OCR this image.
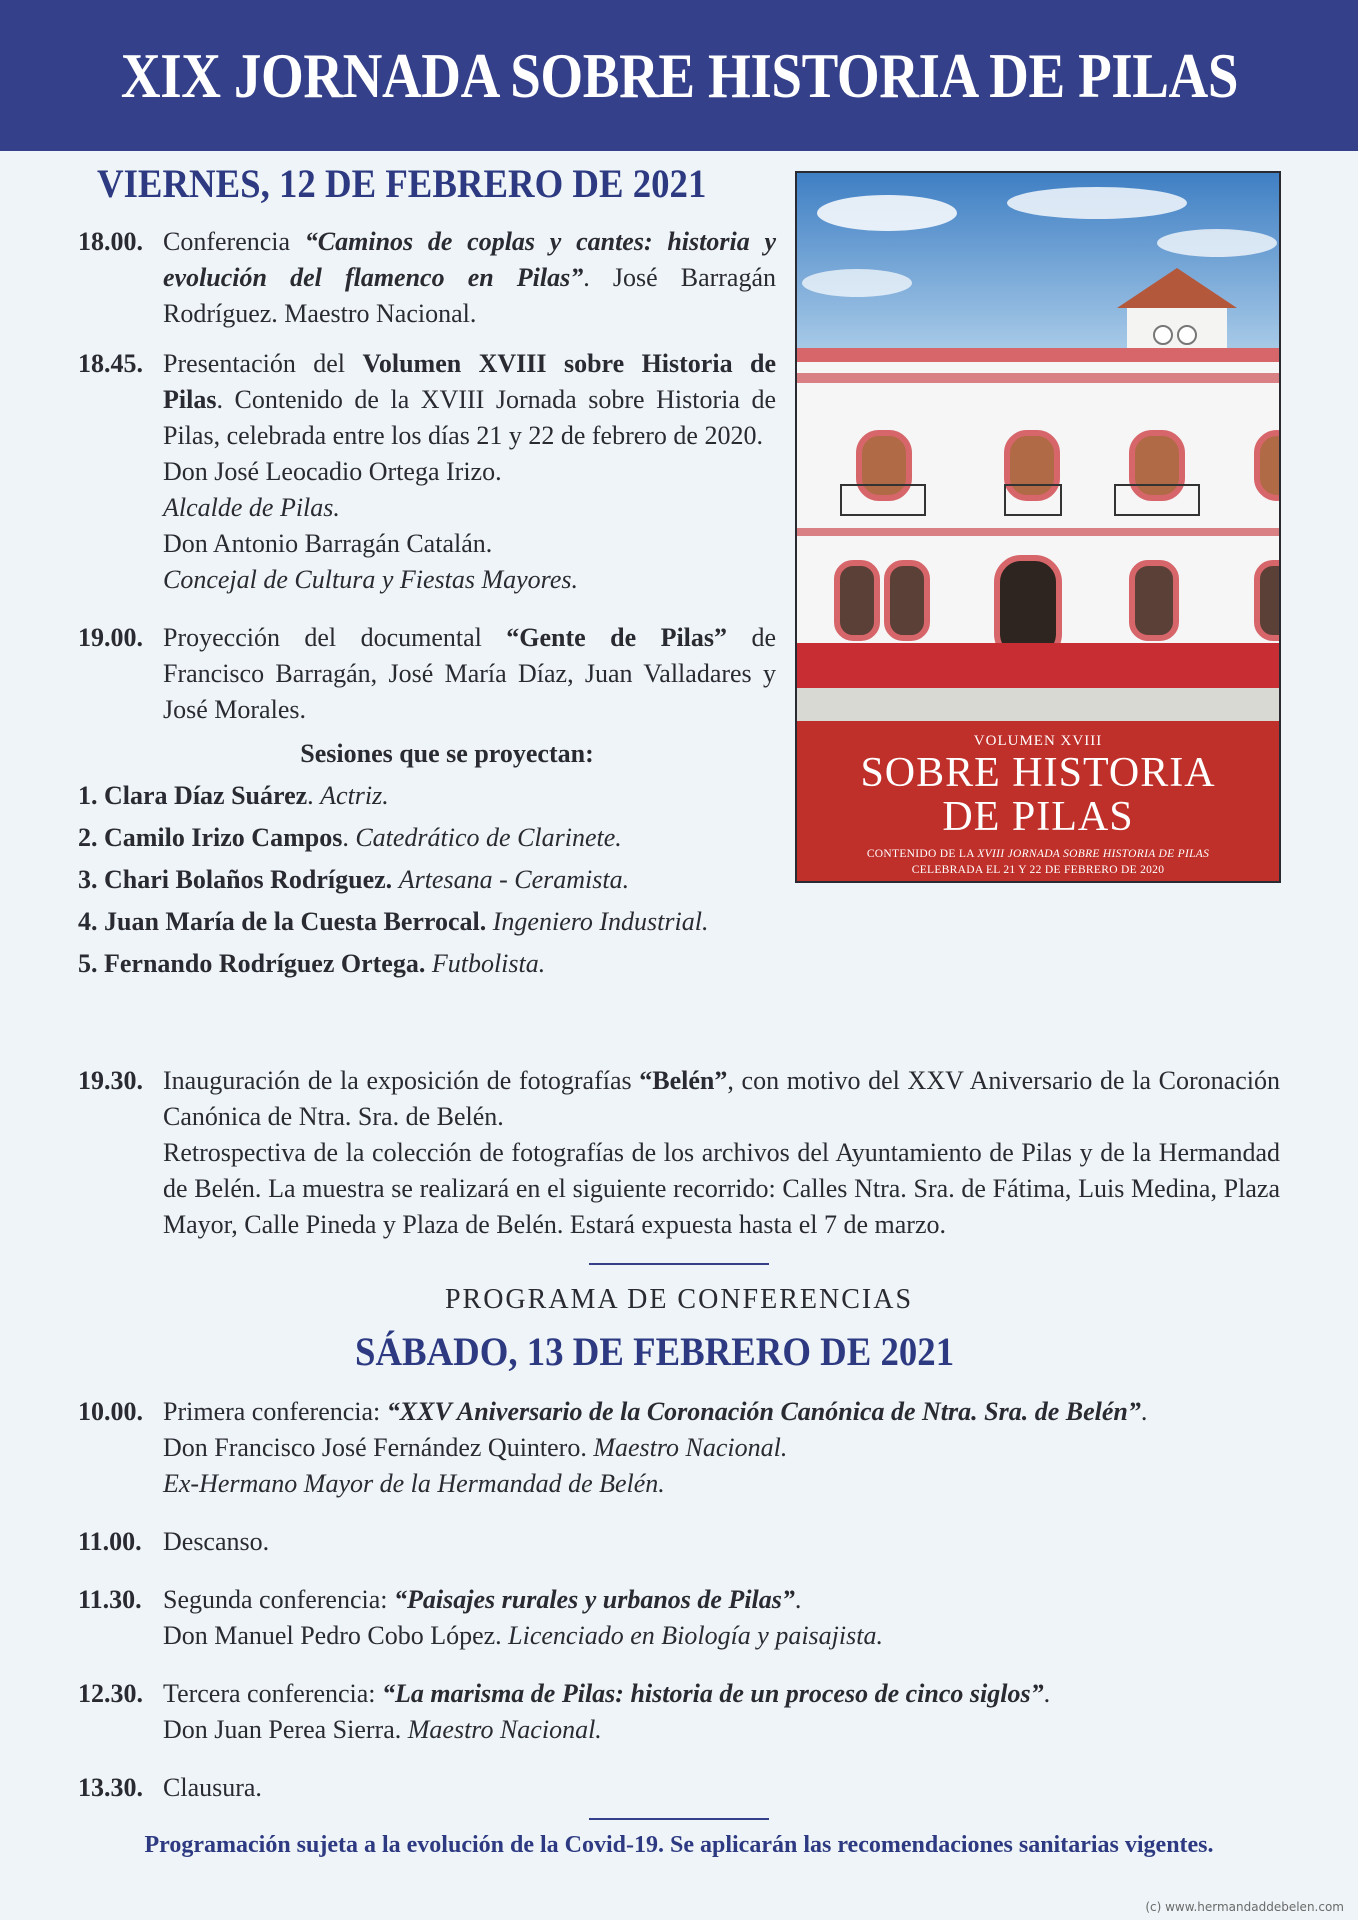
XIX JORNADA SOBRE HISTORIA DE PILAS
VIERNES, 12 DE FEBRERO DE 2021
18.00. Conferencia “Caminos de coplas y cantes: historia y evolución del flamenco en Pilas”. José Barragán Rodríguez. Maestro Nacional.
18.45. Presentación del Volumen XVIII sobre Historia de Pilas. Contenido de la XVIII Jornada sobre Historia de Pilas, celebrada entre los días 21 y 22 de febrero de 2020.
Don José Leocadio Ortega Irizo.
Alcalde de Pilas.
Don Antonio Barragán Catalán.
Concejal de Cultura y Fiestas Mayores.
19.00. Proyección del documental “Gente de Pilas” de Francisco Barragán, José María Díaz, Juan Valladares y José Morales.
Sesiones que se proyectan:
1. Clara Díaz Suárez. Actriz.
2. Camilo Irizo Campos. Catedrático de Clarinete.
3. Chari Bolaños Rodríguez. Artesana - Ceramista.
4. Juan María de la Cuesta Berrocal. Ingeniero Industrial.
5. Fernando Rodríguez Ortega. Futbolista.
VOLUMEN XVIII
SOBRE HISTORIA
DE PILAS
CONTENIDO DE LA XVIII JORNADA SOBRE HISTORIA DE PILAS
CELEBRADA EL 21 Y 22 DE FEBRERO DE 2020
19.30. Inauguración de la exposición de fotografías “Belén”, con motivo del XXV Aniversario de la Coronación Canónica de Ntra. Sra. de Belén.
Retrospectiva de la colección de fotografías de los archivos del Ayuntamiento de Pilas y de la Hermandad de Belén. La muestra se realizará en el siguiente recorrido: Calles Ntra. Sra. de Fátima, Luis Medina, Plaza Mayor, Calle Pineda y Plaza de Belén. Estará expuesta hasta el 7 de marzo.
PROGRAMA DE CONFERENCIAS
SÁBADO, 13 DE FEBRERO DE 2021
10.00. Primera conferencia: “XXV Aniversario de la Coronación Canónica de Ntra. Sra. de Belén”.
Don Francisco José Fernández Quintero. Maestro Nacional.
Ex-Hermano Mayor de la Hermandad de Belén.
11.00. Descanso.
11.30. Segunda conferencia: “Paisajes rurales y urbanos de Pilas”.
Don Manuel Pedro Cobo López. Licenciado en Biología y paisajista.
12.30. Tercera conferencia: “La marisma de Pilas: historia de un proceso de cinco siglos”.
Don Juan Perea Sierra. Maestro Nacional.
13.30. Clausura.
Programación sujeta a la evolución de la Covid-19. Se aplicarán las recomendaciones sanitarias vigentes.
(c) www.hermandaddebelen.com
